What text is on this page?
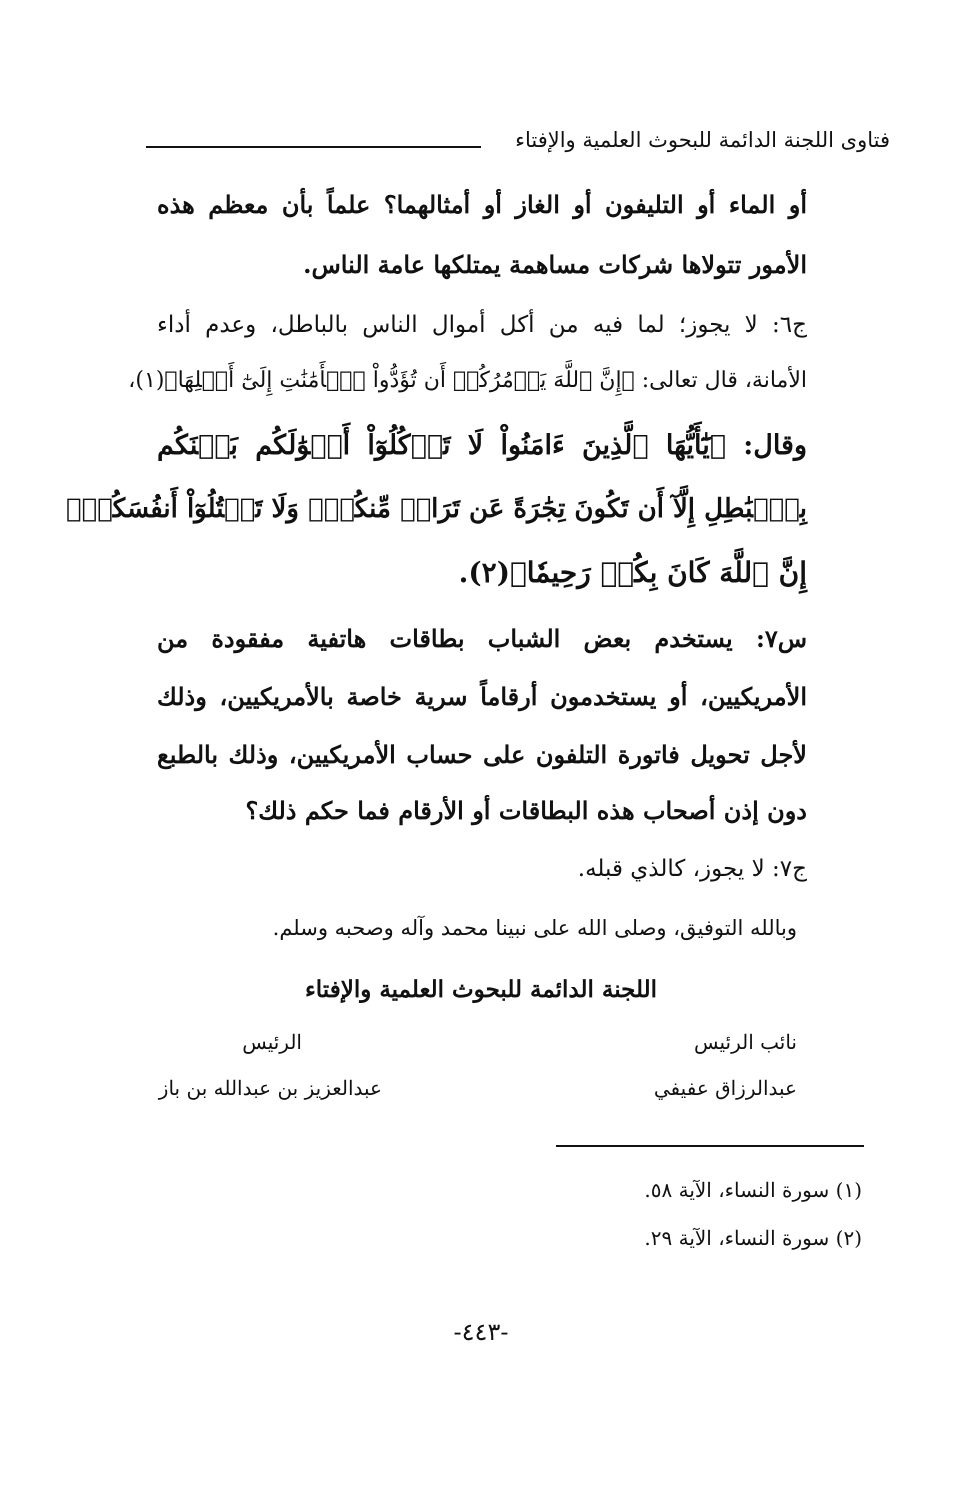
فتاوى اللجنة الدائمة للبحوث العلمية والإفتاء
أو الماء أو التليفون أو الغاز أو أمثالهما؟ علماً بأن معظم هذه
الأمور تتولاها شركات مساهمة يمتلكها عامة الناس.
ج٦: لا يجوز؛ لما فيه من أكل أموال الناس بالباطل، وعدم أداء
الأمانة، قال تعالى: ﴿إِنَّ ٱللَّهَ يَأۡمُرُكُمۡ أَن تُؤَدُّواْ ٱلۡأَمَٰنَٰتِ إِلَىٰٓ أَهۡلِهَا﴾(١)،
وقال: ﴿يَٰٓأَيُّهَا ٱلَّذِينَ ءَامَنُواْ لَا تَأۡكُلُوٓاْ أَمۡوَٰلَكُم بَيۡنَكُم
بِٱلۡبَٰطِلِ إِلَّآ أَن تَكُونَ تِجَٰرَةً عَن تَرَاضٖ مِّنكُمۡۚ وَلَا تَقۡتُلُوٓاْ أَنفُسَكُمۡۚ
إِنَّ ٱللَّهَ كَانَ بِكُمۡ رَحِيمٗا﴾(٢).
س٧: يستخدم بعض الشباب بطاقات هاتفية مفقودة من
الأمريكيين، أو يستخدمون أرقاماً سرية خاصة بالأمريكيين، وذلك
لأجل تحويل فاتورة التلفون على حساب الأمريكيين، وذلك بالطبع
دون إذن أصحاب هذه البطاقات أو الأرقام فما حكم ذلك؟
ج٧: لا يجوز، كالذي قبله.
وبالله التوفيق، وصلى الله على نبينا محمد وآله وصحبه وسلم.
اللجنة الدائمة للبحوث العلمية والإفتاء
نائب الرئيس
الرئيس
عبدالرزاق عفيفي
عبدالعزيز بن عبدالله بن باز
(١) سورة النساء، الآية ٥٨.
(٢) سورة النساء، الآية ٢٩.
-٤٤٣-
